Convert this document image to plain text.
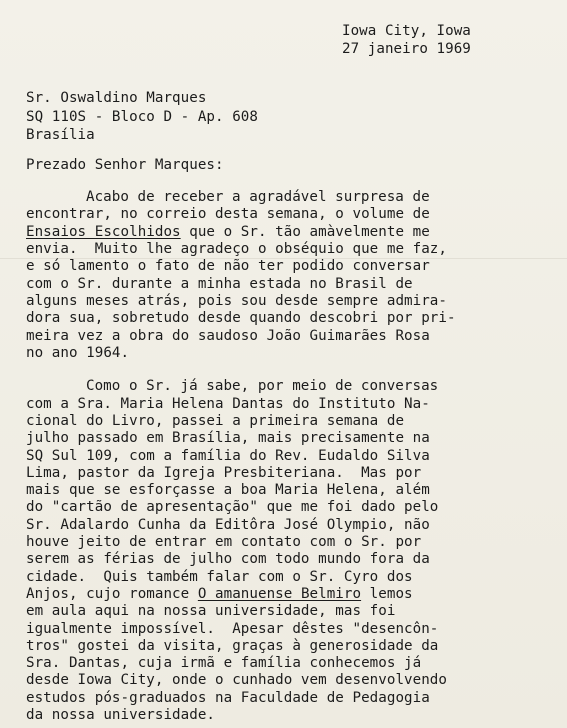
Iowa City, Iowa
27 janeiro 1969
Sr. Oswaldino Marques
SQ 110S - Bloco D - Ap. 608
Brasília
Prezado Senhor Marques:
Acabo de receber a agradável surpresa de
encontrar, no correio desta semana, o volume de
Ensaios Escolhidos que o Sr. tão amàvelmente me
envia.  Muito lhe agradeço o obséquio que me faz,
e só lamento o fato de não ter podido conversar
com o Sr. durante a minha estada no Brasil de
alguns meses atrás, pois sou desde sempre admira-
dora sua, sobretudo desde quando descobri por pri-
meira vez a obra do saudoso João Guimarães Rosa
no ano 1964.
Como o Sr. já sabe, por meio de conversas
com a Sra. Maria Helena Dantas do Instituto Na-
cional do Livro, passei a primeira semana de
julho passado em Brasília, mais precisamente na
SQ Sul 109, com a família do Rev. Eudaldo Silva
Lima, pastor da Igreja Presbiteriana.  Mas por
mais que se esforçasse a boa Maria Helena, além
do "cartão de apresentação" que me foi dado pelo
Sr. Adalardo Cunha da Editôra José Olympio, não
houve jeito de entrar em contato com o Sr. por
serem as férias de julho com todo mundo fora da
cidade.  Quis também falar com o Sr. Cyro dos
Anjos, cujo romance O amanuense Belmiro lemos
em aula aqui na nossa universidade, mas foi
igualmente impossível.  Apesar dêstes "desencôn-
tros" gostei da visita, graças à generosidade da
Sra. Dantas, cuja irmã e família conhecemos já
desde Iowa City, onde o cunhado vem desenvolvendo
estudos pós-graduados na Faculdade de Pedagogia
da nossa universidade.
